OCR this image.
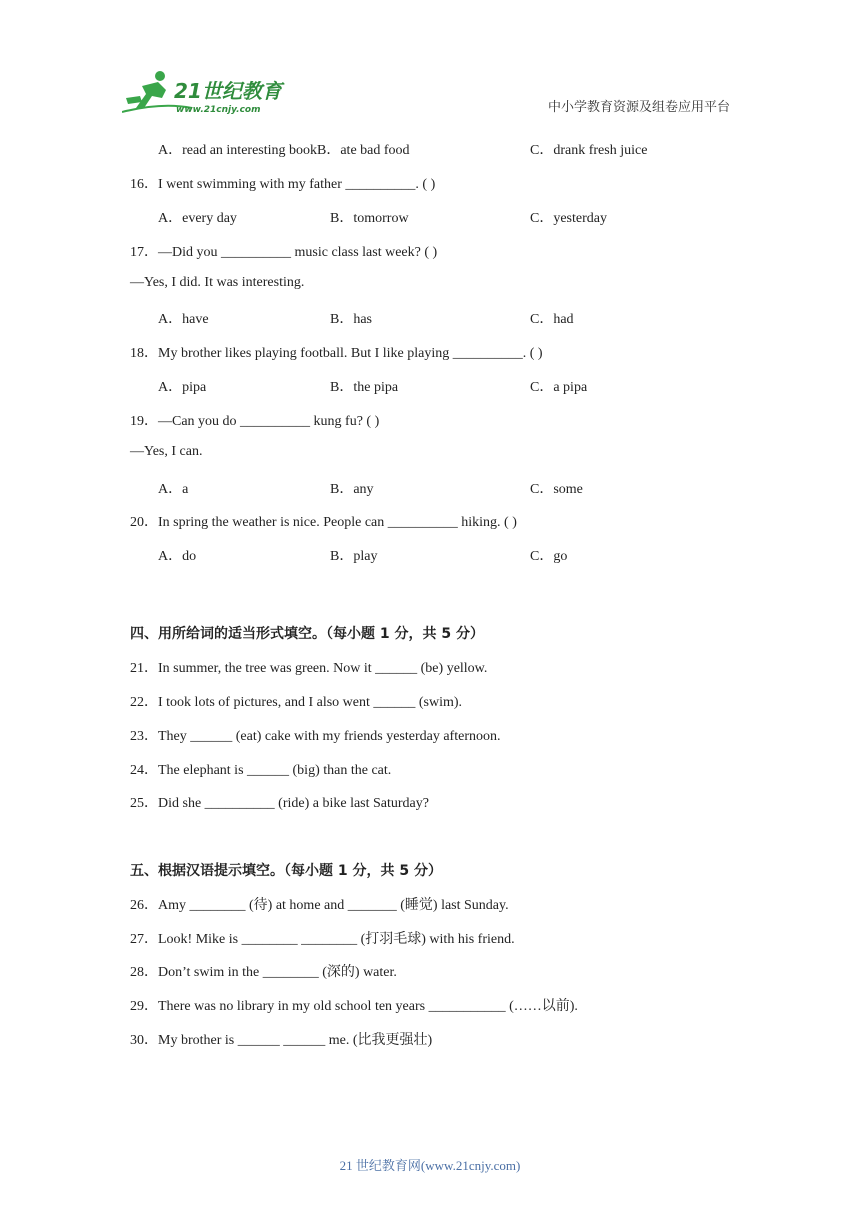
21世纪教育
www.21cnjy.com	中小学教育资源及组卷应用平台
A．read an interesting bookB．ate bad food	C．drank fresh juice
16．I went swimming with my father __________. ( )
A．every day	B．tomorrow	C．yesterday
17．—Did you __________ music class last week? ( )
—Yes, I did. It was interesting.
A．have	B．has	C．had
18．My brother likes playing football. But I like playing __________. ( )
A．pipa	B．the pipa	C．a pipa
19．—Can you do __________ kung fu? ( )
—Yes, I can.
A．a	B．any	C．some
20．In spring the weather is nice. People can __________ hiking. ( )
A．do	B．play	C．go
四、用所给词的适当形式填空。（每小题 1 分，共 5 分）
21．In summer, the tree was green. Now it ______ (be) yellow.
22．I took lots of pictures, and I also went ______ (swim).
23．They ______ (eat) cake with my friends yesterday afternoon.
24．The elephant is ______ (big) than the cat.
25．Did she __________ (ride) a bike last Saturday?
五、根据汉语提示填空。（每小题 1 分，共 5 分）
26．Amy ________ (待) at home and _______ (睡觉) last Sunday.
27．Look! Mike is ________ ________ (打羽毛球) with his friend.
28．Don’t swim in the ________ (深的) water.
29．There was no library in my old school ten years ___________ (……以前).
30．My brother is ______ ______ me. (比我更强壮)
21 世纪教育网(www.21cnjy.com)
